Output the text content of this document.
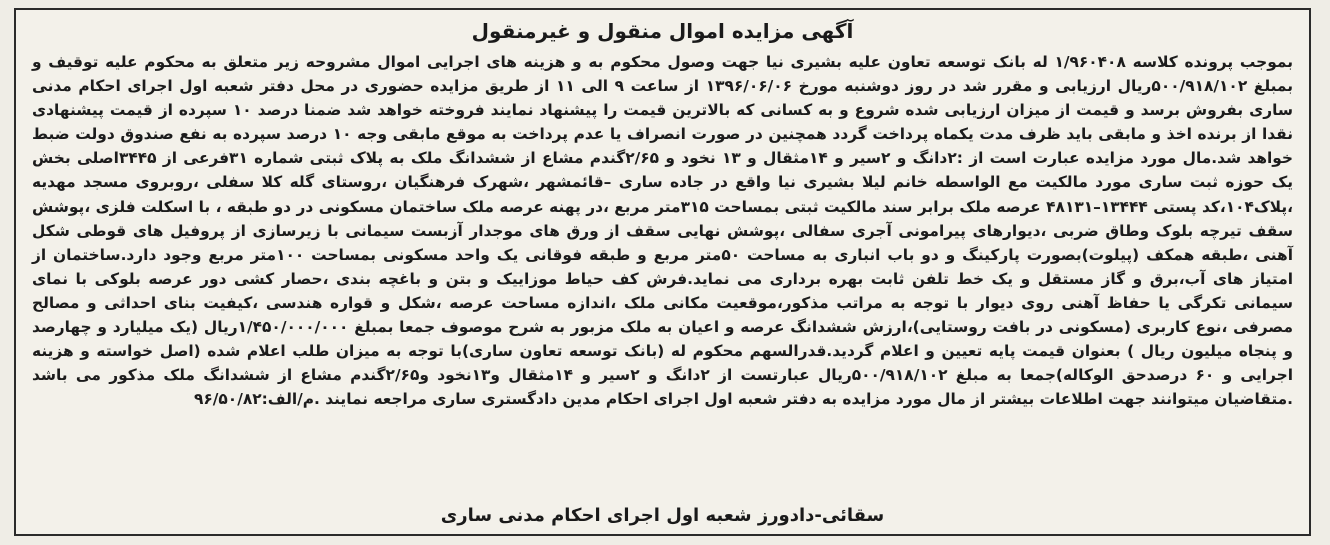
آگهی مزایده اموال منقول و غیرمنقول
بموجب پرونده کلاسه ۱/۹۶۰۴۰۸ له بانک توسعه تعاون علیه بشیری نیا جهت وصول محکوم به و هزینه های اجرایی اموال مشروحه زیر متعلق به محکوم علیه توقیف و بمبلغ ۵۰۰/۹۱۸/۱۰۲ریال ارزیابی و مقرر شد در روز دوشنبه مورخ ۱۳۹۶/۰۶/۰۶ از ساعت ۹ الی ۱۱ از طریق مزایده حضوری در محل دفتر شعبه اول اجرای احکام مدنی ساری بفروش برسد و قیمت از میزان ارزیابی شده شروع و به کسانی که بالاترین قیمت را پیشنهاد نمایند فروخته خواهد شد ضمنا درصد ۱۰ سپرده از قیمت پیشنهادی نقدا از برنده اخذ و مابقی باید ظرف مدت یکماه پرداخت گردد همچنین در صورت انصراف یا عدم پرداخت به موقع مابقی وجه ۱۰ درصد سپرده به نفع صندوق دولت ضبط خواهد شد.مال مورد مزایده عبارت است از :۲دانگ و ۲سیر و ۱۴مثقال و ۱۳ نخود و ۲/۶۵گندم مشاع از ششدانگ ملک به پلاک ثبتی شماره ۳۱فرعی از ۳۴۴۵اصلی بخش یک حوزه ثبت ساری مورد مالکیت مع الواسطه خانم لیلا بشیری نیا واقع در جاده ساری –قائمشهر ،شهرک فرهنگیان ،روستای گله کلا سفلی ،روبروی مسجد مهدیه ،پلاک۱۰۴،کد پستی ۱۳۴۴۴–۴۸۱۳۱ عرصه ملک برابر سند مالکیت ثبتی بمساحت ۳۱۵متر مربع ،در پهنه عرصه ملک ساختمان مسکونی در دو طبقه ، با اسکلت فلزی ،پوشش سقف تیرچه بلوک وطاق ضربی ،دیوارهای پیرامونی آجری سفالی ،پوشش نهایی سقف از ورق های موجدار آزبست سیمانی با زیرسازی از پروفیل های قوطی شکل آهنی ،طبقه همکف (پیلوت)بصورت پارکینگ و دو باب انباری به مساحت ۵۰متر مربع و طبقه فوقانی یک واحد مسکونی بمساحت ۱۰۰متر مربع وجود دارد.ساختمان از امتیاز های آب،برق و گاز مستقل و یک خط تلفن ثابت بهره برداری می نماید.فرش کف حیاط موزاییک و بتن و باغچه بندی ،حصار کشی دور عرصه بلوکی با نمای سیمانی تکرگی یا حفاظ آهنی روی دیوار با توجه به مراتب مذکور،موقعیت مکانی ملک ،اندازه مساحت عرصه ،شکل و قواره هندسی ،کیفیت بنای احداثی و مصالح مصرفی ،نوع کاربری (مسکونی در بافت روستایی)،ارزش ششدانگ عرصه و اعیان به ملک مزبور به شرح موصوف جمعا بمبلغ ۱/۴۵۰/۰۰۰/۰۰۰ریال (یک میلیارد و چهارصد و پنجاه میلیون ریال ) بعنوان قیمت پایه تعیین و اعلام گردید.قدرالسهم محکوم له (بانک توسعه تعاون ساری)با توجه به میزان طلب اعلام شده (اصل خواسته و هزینه اجرایی و ۶۰ درصدحق الوکاله)جمعا به مبلغ ۵۰۰/۹۱۸/۱۰۲ریال عبارتست از ۲دانگ و ۲سیر و ۱۴مثقال و۱۳نخود و۲/۶۵گندم مشاع از ششدانگ ملک مذکور می باشد .متقاضیان میتوانند جهت اطلاعات بیشتر از مال مورد مزایده به دفتر شعبه اول اجرای احکام مدین دادگستری ساری مراجعه نمایند .م/الف:۹۶/۵۰/۸۲
سقائی-دادورز شعبه اول اجرای احکام مدنی ساری
